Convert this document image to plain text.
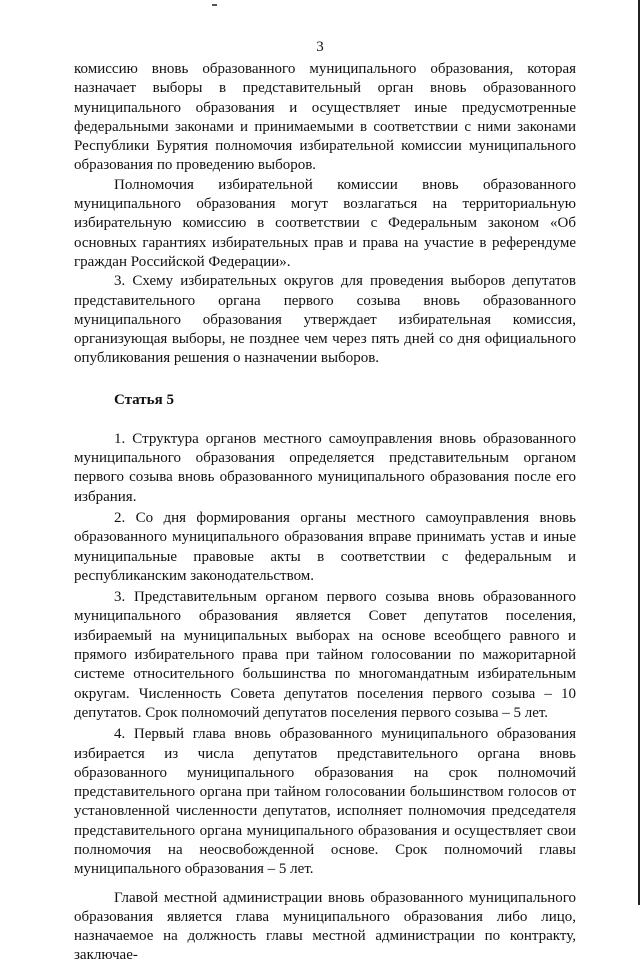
3

комиссию вновь образованного муниципального образования, которая назначает выборы в представительный орган вновь образованного муниципального образования и осуществляет иные предусмотренные федеральными законами и принимаемыми в соответствии с ними законами Республики Бурятия полномочия избирательной комиссии муниципального образования по проведению выборов.

Полномочия избирательной комиссии вновь образованного муниципального образования могут возлагаться на территориальную избирательную комиссию в соответствии с Федеральным законом «Об основных гарантиях избирательных прав и права на участие в референдуме граждан Российской Федерации».

3. Схему избирательных округов для проведения выборов депутатов представительного органа первого созыва вновь образованного муниципального образования утверждает избирательная комиссия, организующая выборы, не позднее чем через пять дней со дня официального опубликования решения о назначении выборов.

Статья 5

1. Структура органов местного самоуправления вновь образованного муниципального образования определяется представительным органом первого созыва вновь образованного муниципального образования после его избрания.

2. Со дня формирования органы местного самоуправления вновь образованного муниципального образования вправе принимать устав и иные муниципальные правовые акты в соответствии с федеральным и республиканским законодательством.

3. Представительным органом первого созыва вновь образованного муниципального образования является Совет депутатов поселения, избираемый на муниципальных выборах на основе всеобщего равного и прямого избирательного права при тайном голосовании по мажоритарной системе относительного большинства по многомандатным избирательным округам. Численность Совета депутатов поселения первого созыва – 10 депутатов. Срок полномочий депутатов поселения первого созыва – 5 лет.

4. Первый глава вновь образованного муниципального образования избирается из числа депутатов представительного органа вновь образованного муниципального образования на срок полномочий представительного органа при тайном голосовании большинством голосов от установленной численности депутатов, исполняет полномочия председателя представительного органа муниципального образования и осуществляет свои полномочия на неосвобожденной основе. Срок полномочий главы муниципального образования – 5 лет.

Главой местной администрации вновь образованного муниципального образования является глава муниципального образования либо лицо, назначаемое на должность главы местной администрации по контракту, заключае-
